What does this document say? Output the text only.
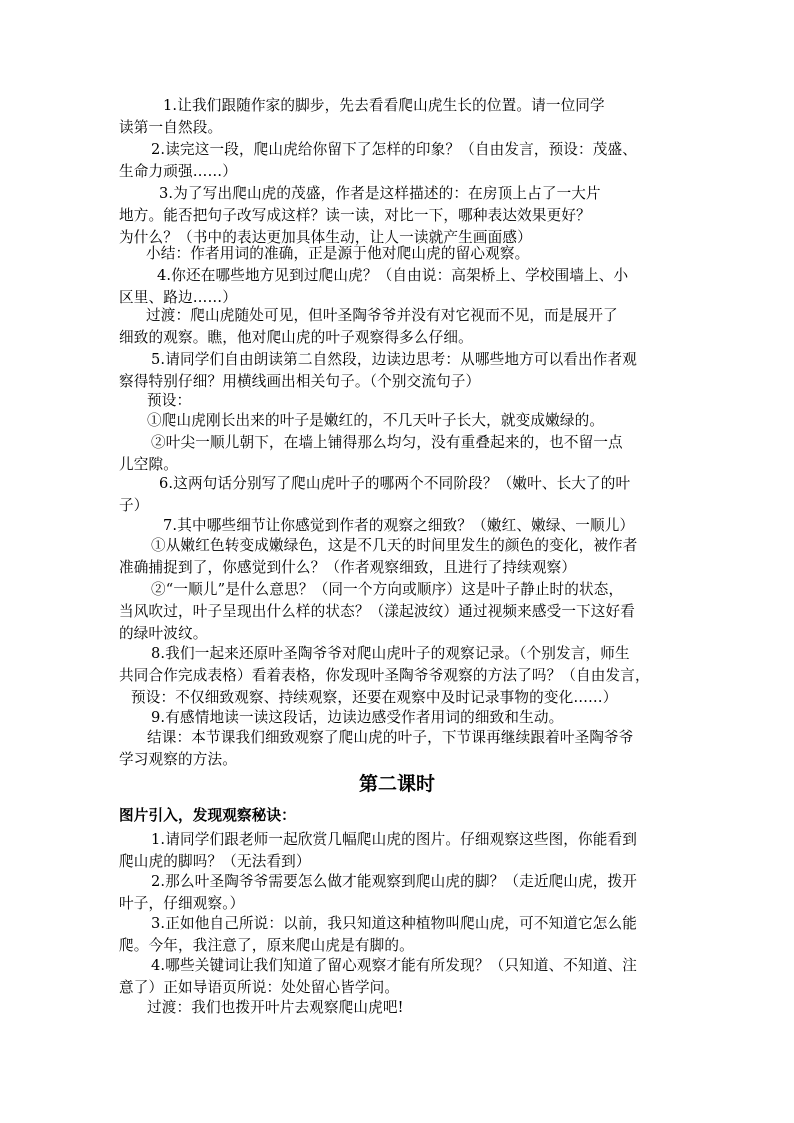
1.让我们跟随作家的脚步，先去看看爬山虎生长的位置。请一位同学
读第一自然段。
2.读完这一段，爬山虎给你留下了怎样的印象？（自由发言，预设：茂盛、
生命力顽强……）
3.为了写出爬山虎的茂盛，作者是这样描述的：在房顶上占了一大片
地方。能否把句子改写成这样？读一读，对比一下，哪种表达效果更好？
为什么？（书中的表达更加具体生动，让人一读就产生画面感）
小结：作者用词的准确，正是源于他对爬山虎的留心观察。
4.你还在哪些地方见到过爬山虎？（自由说：高架桥上、学校围墙上、小
区里、路边……）
过渡：爬山虎随处可见，但叶圣陶爷爷并没有对它视而不见，而是展开了
细致的观察。瞧，他对爬山虎的叶子观察得多么仔细。
5.请同学们自由朗读第二自然段，边读边思考：从哪些地方可以看出作者观
察得特别仔细？用横线画出相关句子。（个别交流句子）
预设：
①爬山虎刚长出来的叶子是嫩红的，不几天叶子长大，就变成嫩绿的。
②叶尖一顺儿朝下，在墙上铺得那么均匀，没有重叠起来的，也不留一点
儿空隙。
6.这两句话分别写了爬山虎叶子的哪两个不同阶段？（嫩叶、长大了的叶
子）
7.其中哪些细节让你感觉到作者的观察之细致？（嫩红、嫩绿、一顺儿）
①从嫩红色转变成嫩绿色，这是不几天的时间里发生的颜色的变化，被作者
准确捕捉到了，你感觉到什么？（作者观察细致，且进行了持续观察）
②“一顺儿”是什么意思？（同一个方向或顺序）这是叶子静止时的状态，
当风吹过，叶子呈现出什么样的状态？（漾起波纹）通过视频来感受一下这好看
的绿叶波纹。
8.我们一起来还原叶圣陶爷爷对爬山虎叶子的观察记录。（个别发言，师生
共同合作完成表格）看着表格，你发现叶圣陶爷爷观察的方法了吗？（自由发言，
预设：不仅细致观察、持续观察，还要在观察中及时记录事物的变化……）
9.有感情地读一读这段话，边读边感受作者用词的细致和生动。
结课：本节课我们细致观察了爬山虎的叶子，下节课再继续跟着叶圣陶爷爷
学习观察的方法。
第二课时
图片引入，发现观察秘诀：
1.请同学们跟老师一起欣赏几幅爬山虎的图片。仔细观察这些图，你能看到
爬山虎的脚吗？（无法看到）
2.那么叶圣陶爷爷需要怎么做才能观察到爬山虎的脚？（走近爬山虎，拨开
叶子，仔细观察。）
3.正如他自己所说：以前，我只知道这种植物叫爬山虎，可不知道它怎么能
爬。今年，我注意了，原来爬山虎是有脚的。
4.哪些关键词让我们知道了留心观察才能有所发现？（只知道、不知道、注
意了）正如导语页所说：处处留心皆学问。
过渡：我们也拨开叶片去观察爬山虎吧!
